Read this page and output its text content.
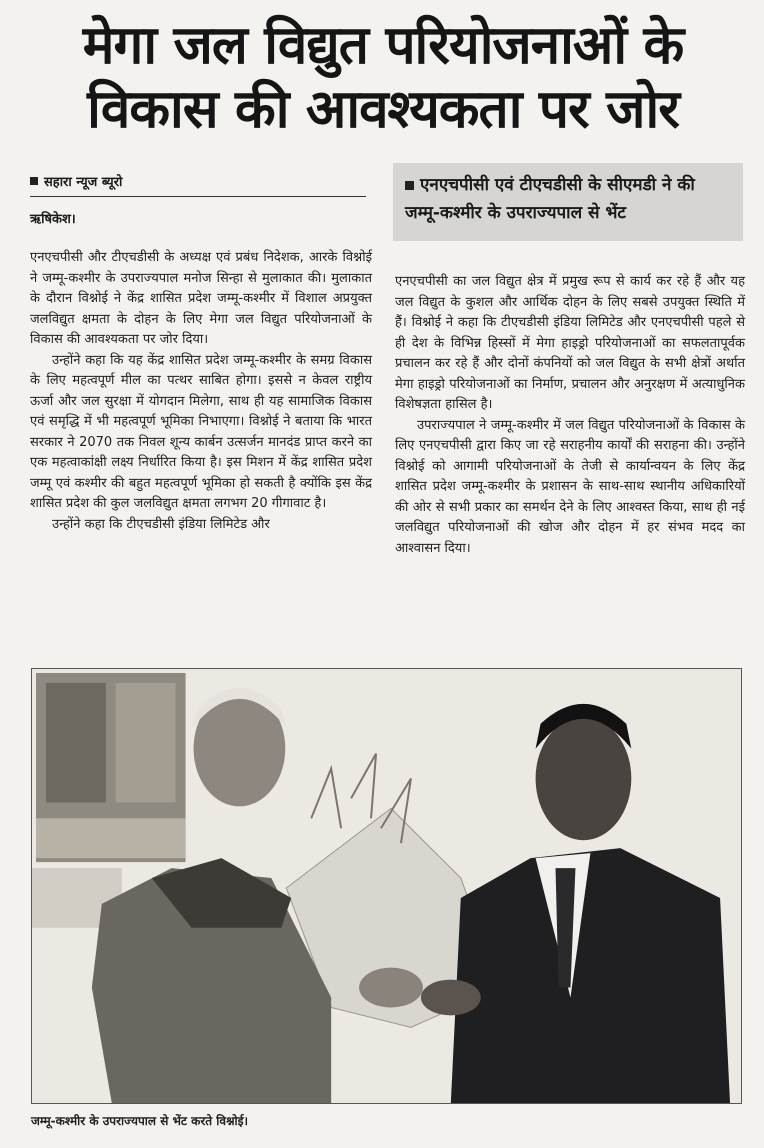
मेगा जल विद्युत परियोजनाओं के विकास की आवश्यकता पर जोर
सहारा न्यूज ब्यूरो
ऋषिकेश।
एनएचपीसी एवं टीएचडीसी के सीएमडी ने की जम्मू-कश्मीर के उपराज्यपाल से भेंट

एनएचपीसी और टीएचडीसी के अध्यक्ष एवं प्रबंध निदेशक, आरके विश्नोई ने जम्मू-कश्मीर के उपराज्यपाल मनोज सिन्हा से मुलाकात की। मुलाकात के दौरान विश्नोई ने केंद्र शासित प्रदेश जम्मू-कश्मीर में विशाल अप्रयुक्त जलविद्युत क्षमता के दोहन के लिए मेगा जल विद्युत परियोजनाओं के विकास की आवश्यकता पर जोर दिया।

उन्होंने कहा कि यह केंद्र शासित प्रदेश जम्मू-कश्मीर के समग्र विकास के लिए महत्वपूर्ण मील का पत्थर साबित होगा। इससे न केवल राष्ट्रीय ऊर्जा और जल सुरक्षा में योगदान मिलेगा, साथ ही यह सामाजिक विकास एवं समृद्धि में भी महत्वपूर्ण भूमिका निभाएगा। विश्नोई ने बताया कि भारत सरकार ने 2070 तक निवल शून्य कार्बन उत्सर्जन मानदंड प्राप्त करने का एक महत्वाकांक्षी लक्ष्य निर्धारित किया है। इस मिशन में केंद्र शासित प्रदेश जम्मू एवं कश्मीर की बहुत महत्वपूर्ण भूमिका हो सकती है क्योंकि इस केंद्र शासित प्रदेश की कुल जलविद्युत क्षमता लगभग 20 गीगावाट है।

उन्होंने कहा कि टीएचडीसी इंडिया लिमिटेड और

एनएचपीसी का जल विद्युत क्षेत्र में प्रमुख रूप से कार्य कर रहे हैं और यह जल विद्युत के कुशल और आर्थिक दोहन के लिए सबसे उपयुक्त स्थिति में हैं। विश्नोई ने कहा कि टीएचडीसी इंडिया लिमिटेड और एनएचपीसी पहले से ही देश के विभिन्न हिस्सों में मेगा हाइड्रो परियोजनाओं का सफलतापूर्वक प्रचालन कर रहे हैं और दोनों कंपनियों को जल विद्युत के सभी क्षेत्रों अर्थात मेगा हाइड्रो परियोजनाओं का निर्माण, प्रचालन और अनुरक्षण में अत्याधुनिक विशेषज्ञता हासिल है।

उपराज्यपाल ने जम्मू-कश्मीर में जल विद्युत परियोजनाओं के विकास के लिए एनएचपीसी द्वारा किए जा रहे सराहनीय कार्यों की सराहना की। उन्होंने विश्नोई को आगामी परियोजनाओं के तेजी से कार्यान्वयन के लिए केंद्र शासित प्रदेश जम्मू-कश्मीर के प्रशासन के साथ-साथ स्थानीय अधिकारियों की ओर से सभी प्रकार का समर्थन देने के लिए आश्वस्त किया, साथ ही नई जलविद्युत परियोजनाओं की खोज और दोहन में हर संभव मदद का आश्वासन दिया।

जम्मू-कश्मीर के उपराज्यपाल से भेंट करते विश्नोई।
